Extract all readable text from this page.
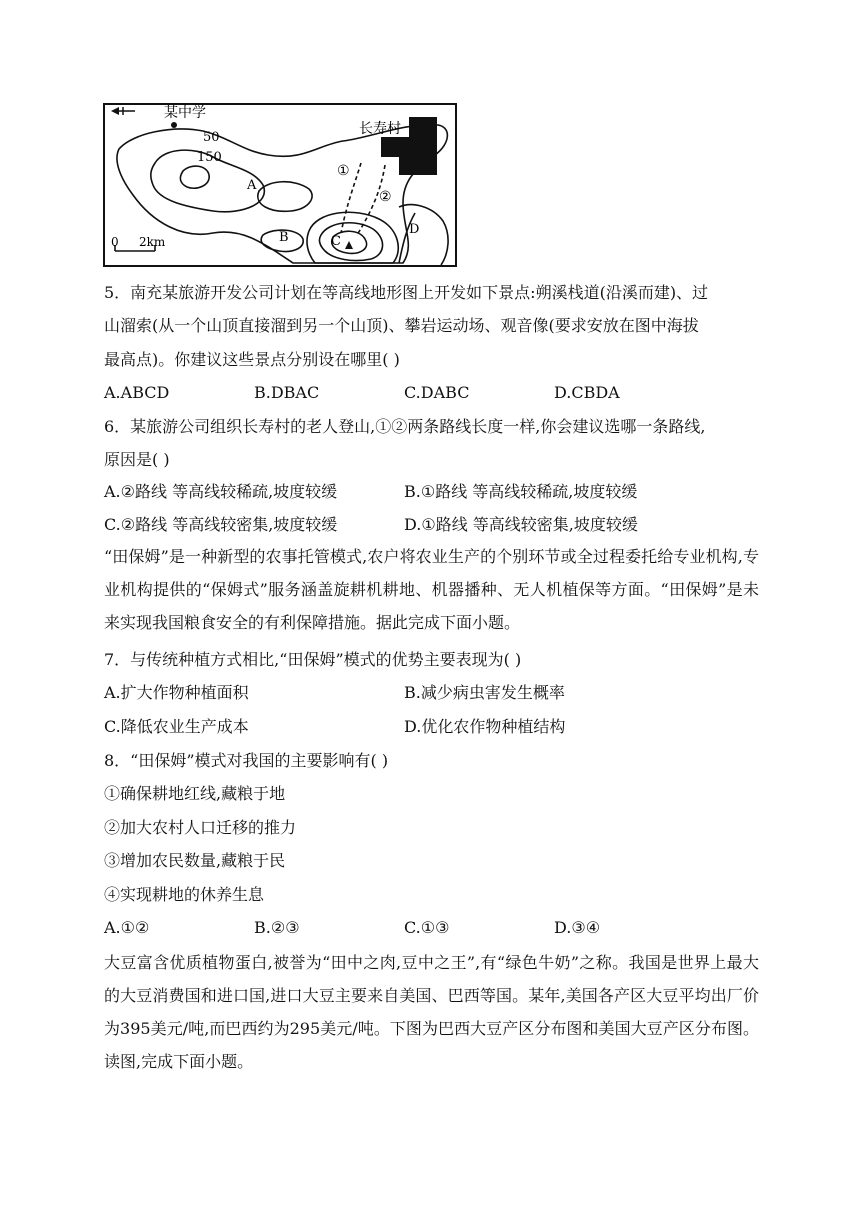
某中学
长寿村
①
②
50
150
A
B	C
D
0 2km
5．南充某旅游开发公司计划在等高线地形图上开发如下景点:朔溪栈道(沿溪而建)、过
山溜索(从一个山顶直接溜到另一个山顶)、攀岩运动场、观音像(要求安放在图中海拔
最高点)。你建议这些景点分别设在哪里( )
A.ABCD	B.DBAC	C.DABC	D.CBDA
6．某旅游公司组织长寿村的老人登山,①②两条路线长度一样,你会建议选哪一条路线,
原因是( )
A.②路线 等高线较稀疏,坡度较缓	B.①路线 等高线较稀疏,坡度较缓
C.②路线 等高线较密集,坡度较缓	D.①路线 等高线较密集,坡度较缓
“田保姆”是一种新型的农事托管模式,农户将农业生产的个别环节或全过程委托给专业机构,专业机构提供的“保姆式”服务涵盖旋耕机耕地、机器播种、无人机植保等方面。“田保姆”是未来实现我国粮食安全的有利保障措施。据此完成下面小题。
7．与传统种植方式相比,“田保姆”模式的优势主要表现为( )
A.扩大作物种植面积	B.减少病虫害发生概率
C.降低农业生产成本	D.优化农作物种植结构
8．“田保姆”模式对我国的主要影响有( )
①确保耕地红线,藏粮于地
②加大农村人口迁移的推力
③增加农民数量,藏粮于民
④实现耕地的休养生息
A.①②	B.②③	C.①③	D.③④
大豆富含优质植物蛋白,被誉为“田中之肉,豆中之王”,有“绿色牛奶”之称。我国是世界上最大的大豆消费国和进口国,进口大豆主要来自美国、巴西等国。某年,美国各产区大豆平均出厂价为395美元/吨,而巴西约为295美元/吨。下图为巴西大豆产区分布图和美国大豆产区分布图。读图,完成下面小题。
